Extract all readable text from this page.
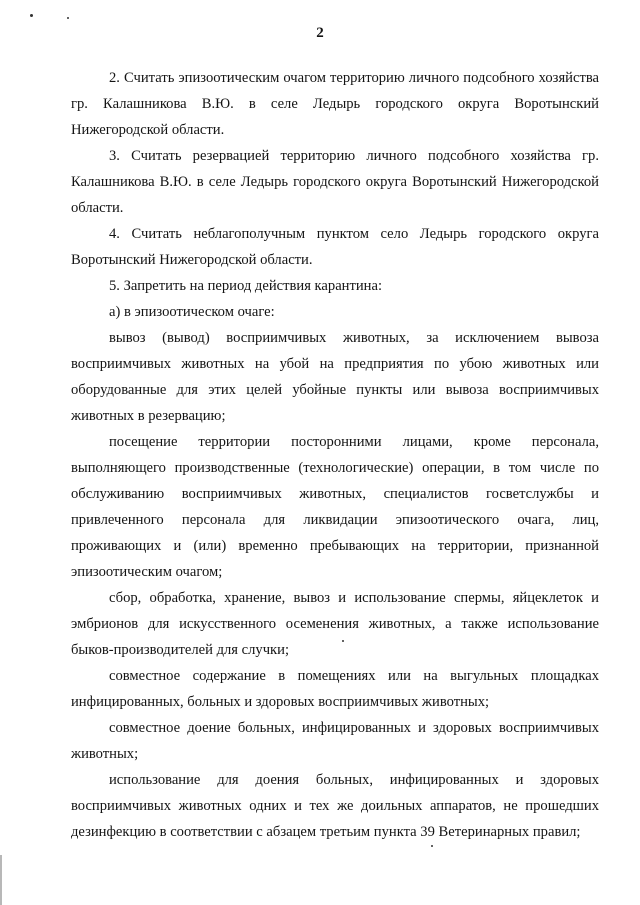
2

2. Считать эпизоотическим очагом территорию личного подсобного хозяйства гр. Калашникова В.Ю. в селе Ледырь городского округа Воротынский Нижегородской области.

3. Считать резервацией территорию личного подсобного хозяйства гр. Калашникова В.Ю. в селе Ледырь городского округа Воротынский Нижегородской области.

4. Считать неблагополучным пунктом село Ледырь городского округа Воротынский Нижегородской области.

5. Запретить на период действия карантина:

а) в эпизоотическом очаге:

вывоз (вывод) восприимчивых животных, за исключением вывоза восприимчивых животных на убой на предприятия по убою животных или оборудованные для этих целей убойные пункты или вывоза восприимчивых животных в резервацию;

посещение территории посторонними лицами, кроме персонала, выполняющего производственные (технологические) операции, в том числе по обслуживанию восприимчивых животных, специалистов госветслужбы и привлеченного персонала для ликвидации эпизоотического очага, лиц, проживающих и (или) временно пребывающих на территории, признанной эпизоотическим очагом;

сбор, обработка, хранение, вывоз и использование спермы, яйцеклеток и эмбрионов для искусственного осеменения животных, а также использование быков-производителей для случки;

совместное содержание в помещениях или на выгульных площадках инфицированных, больных и здоровых восприимчивых животных;

совместное доение больных, инфицированных и здоровых восприимчивых животных;

использование для доения больных, инфицированных и здоровых восприимчивых животных одних и тех же доильных аппаратов, не прошедших дезинфекцию в соответствии с абзацем третьим пункта 39 Ветеринарных правил;
